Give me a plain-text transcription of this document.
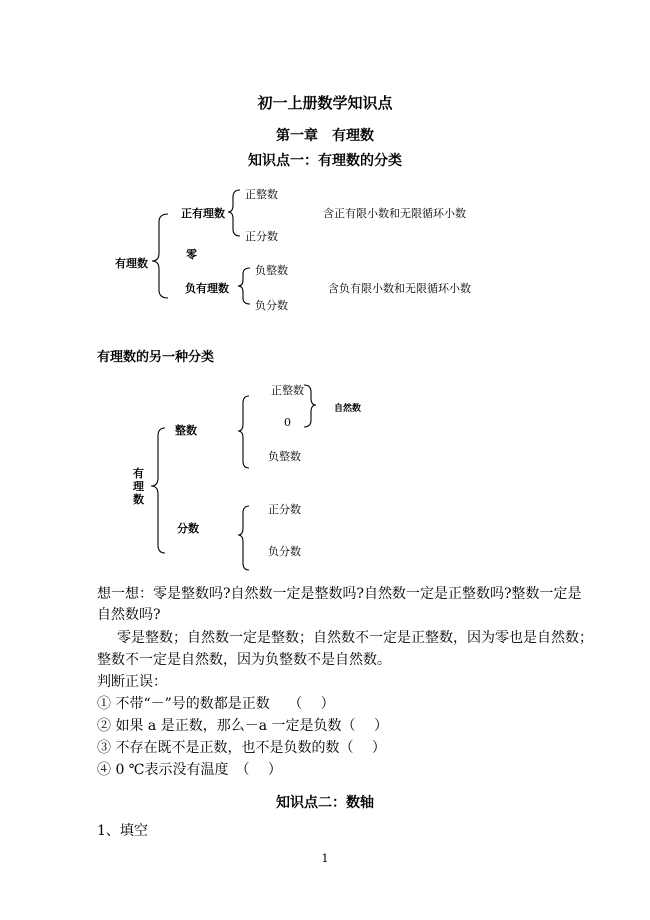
初一上册数学知识点
第一章　有理数
知识点一：有理数的分类
有理数
正有理数
零
负有理数
正整数
正分数
负整数
负分数
含正有限小数和无限循环小数
含负有限小数和无限循环小数
有理数的另一种分类
有
理
数
整数
分数
正整数
0
自然数
负整数
正分数
负分数
想一想：零是整数吗?自然数一定是整数吗?自然数一定是正整数吗?整数一定是
自然数吗?
零是整数；自然数一定是整数；自然数不一定是正整数，因为零也是自然数；
整数不一定是自然数，因为负整数不是自然数。
判断正误：
① 不带“－”号的数都是正数　 （　 ）
② 如果 a 是正数，那么－a 一定是负数（　 ）
③ 不存在既不是正数，也不是负数的数（　 ）
④ 0 ℃表示没有温度　（　 ）
知识点二：数轴
1、填空
1
